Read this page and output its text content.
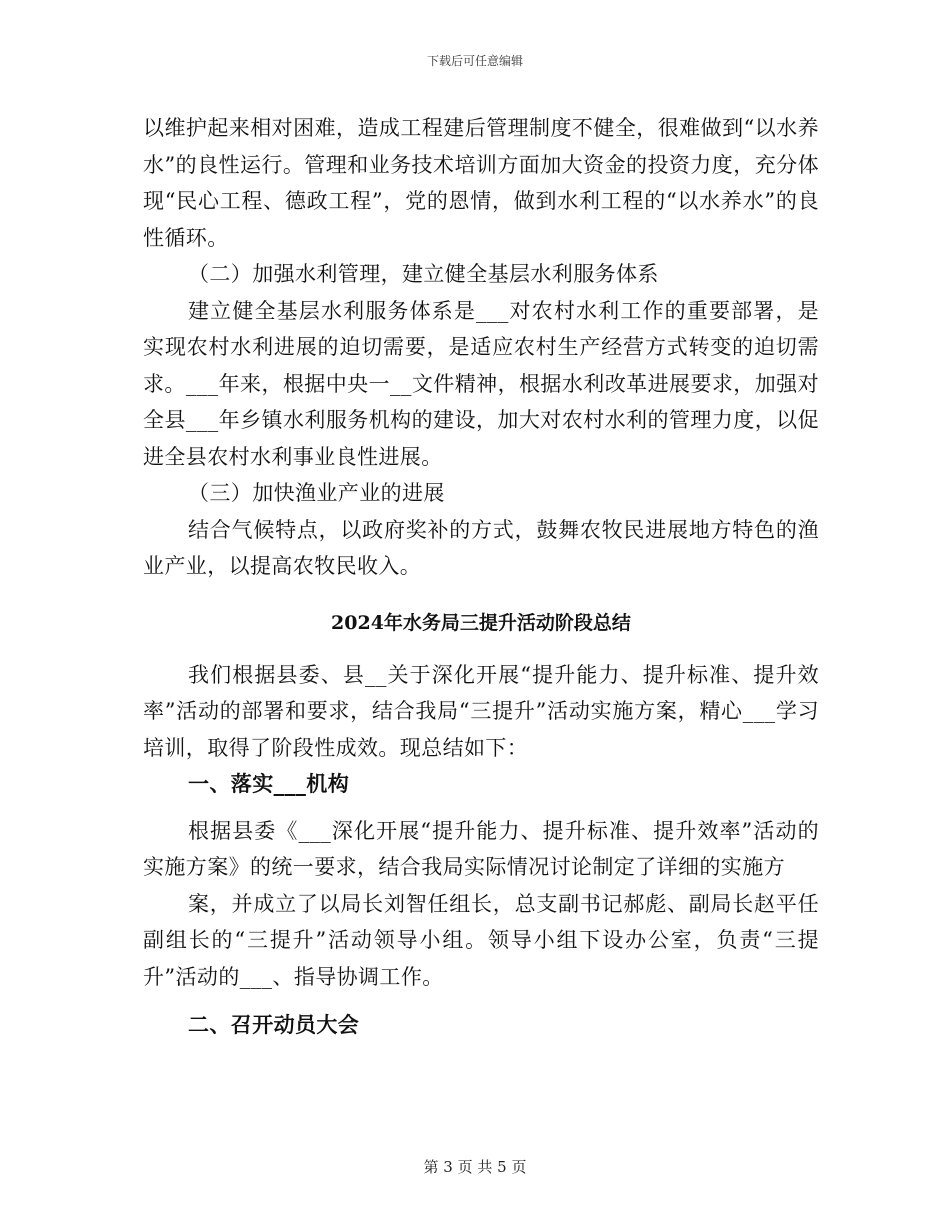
下载后可任意编辑

以维护起来相对困难，造成工程建后管理制度不健全，很难做到“以水养水”的良性运行。管理和业务技术培训方面加大资金的投资力度，充分体现“民心工程、德政工程”，党的恩情，做到水利工程的“以水养水”的良性循环。

（二）加强水利管理，建立健全基层水利服务体系

建立健全基层水利服务体系是___对农村水利工作的重要部署，是实现农村水利进展的迫切需要，是适应农村生产经营方式转变的迫切需求。___年来，根据中央一__文件精神，根据水利改革进展要求，加强对全县___年乡镇水利服务机构的建设，加大对农村水利的管理力度，以促进全县农村水利事业良性进展。

（三）加快渔业产业的进展

结合气候特点，以政府奖补的方式，鼓舞农牧民进展地方特色的渔业产业，以提高农牧民收入。

2024年水务局三提升活动阶段总结

我们根据县委、县__关于深化开展“提升能力、提升标准、提升效率”活动的部署和要求，结合我局“三提升”活动实施方案，精心___学习培训，取得了阶段性成效。现总结如下：

一、落实___机构

根据县委《___深化开展“提升能力、提升标准、提升效率”活动的实施方案》的统一要求，结合我局实际情况讨论制定了详细的实施方

案，并成立了以局长刘智任组长，总支副书记郝彪、副局长赵平任副组长的“三提升”活动领导小组。领导小组下设办公室，负责“三提升”活动的___、指导协调工作。

二、召开动员大会

第 3 页 共 5 页
